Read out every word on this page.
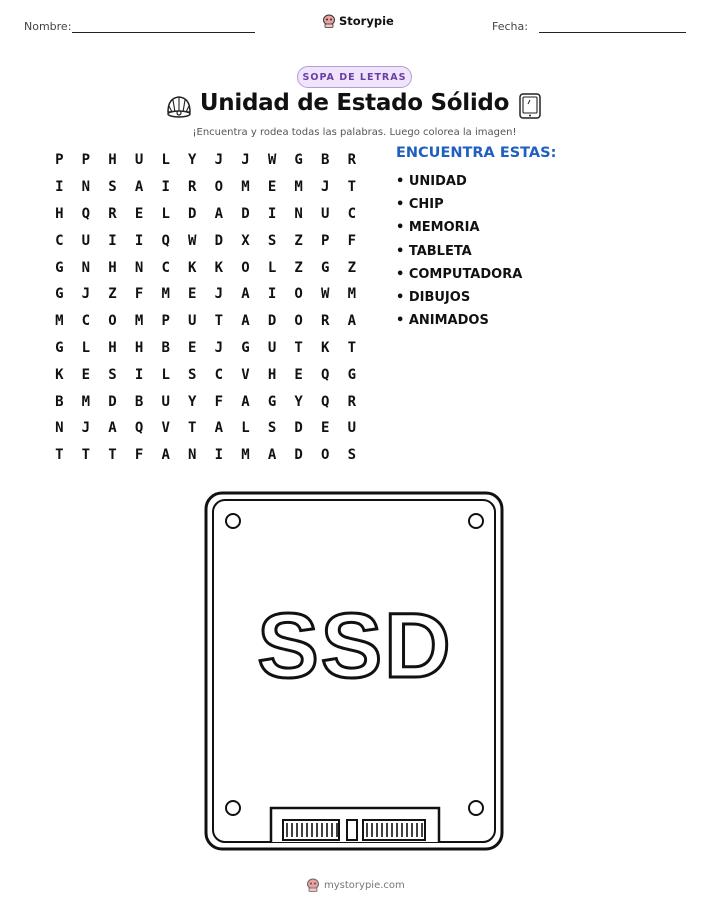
Nombre:	Storypie	Fecha:
SOPA DE LETRAS
Unidad de Estado Sólido
¡Encuentra y rodea todas las palabras. Luego colorea la imagen!
P	P	H	U	L	Y	J	J	W	G	B	R
I	N	S	A	I	R	O	M	E	M	J	T
H	Q	R	E	L	D	A	D	I	N	U	C
C	U	I	I	Q	W	D	X	S	Z	P	F
G	N	H	N	C	K	K	O	L	Z	G	Z
G	J	Z	F	M	E	J	A	I	O	W	M
M	C	O	M	P	U	T	A	D	O	R	A
G	L	H	H	B	E	J	G	U	T	K	T
K	E	S	I	L	S	C	V	H	E	Q	G
B	M	D	B	U	Y	F	A	G	Y	Q	R
N	J	A	Q	V	T	A	L	S	D	E	U
T	T	T	F	A	N	I	M	A	D	O	S
ENCUENTRA ESTAS:
• UNIDAD
• CHIP
• MEMORIA
• TABLETA
• COMPUTADORA
• DIBUJOS
• ANIMADOS
SSD
mystorypie.com
